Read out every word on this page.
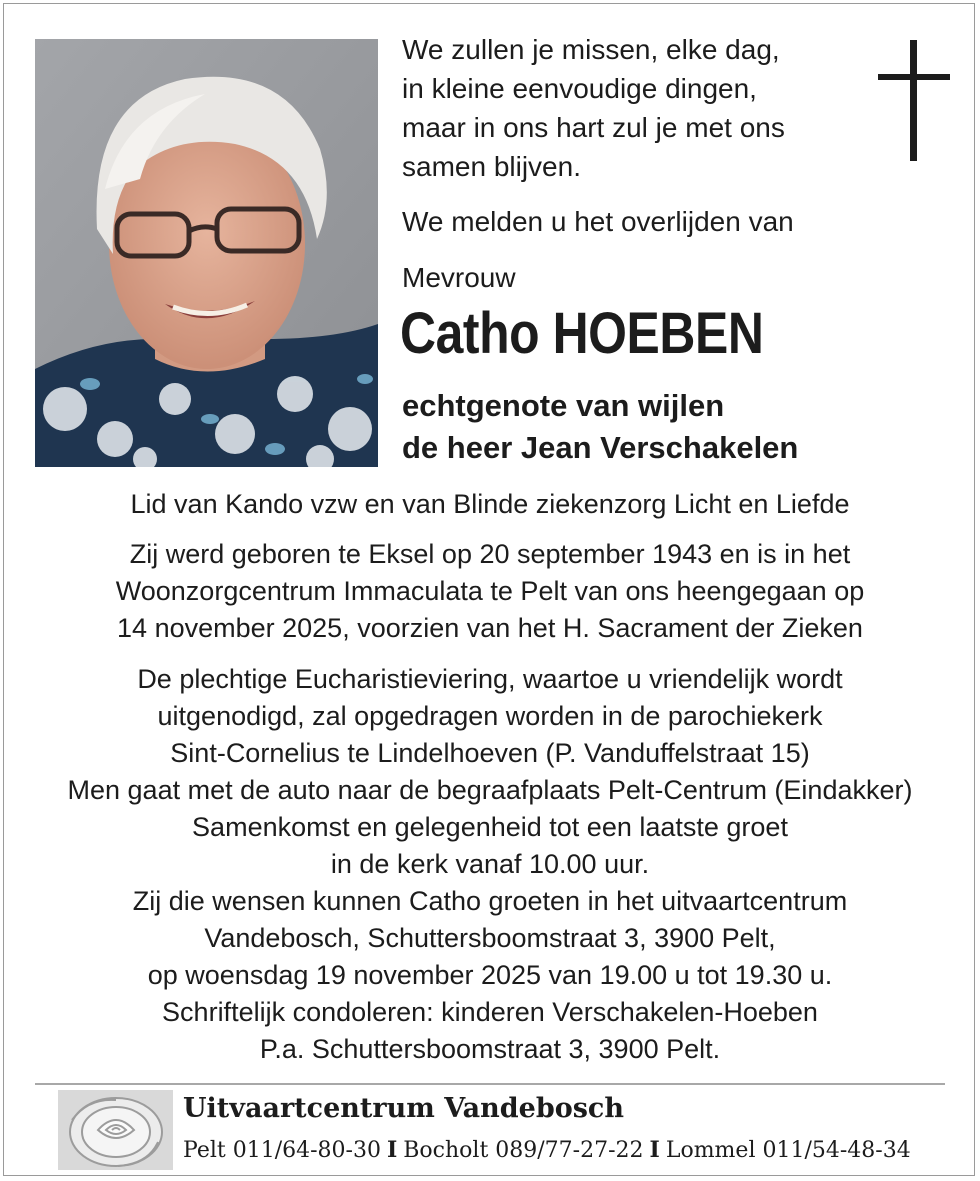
We zullen je missen, elke dag,
in kleine eenvoudige dingen,
maar in ons hart zul je met ons
samen blijven.
We melden u het overlijden van
Mevrouw
Catho HOEBEN
echtgenote van wijlen
de heer Jean Verschakelen
Lid van Kando vzw en van Blinde ziekenzorg Licht en Liefde
Zij werd geboren te Eksel op 20 september 1943 en is in het
Woonzorgcentrum Immaculata te Pelt van ons heengegaan op
14 november 2025, voorzien van het H. Sacrament der Zieken
De plechtige Eucharistieviering, waartoe u vriendelijk wordt
uitgenodigd, zal opgedragen worden in de parochiekerk
Sint-Cornelius te Lindelhoeven (P. Vanduffelstraat 15)
Men gaat met de auto naar de begraafplaats Pelt-Centrum (Eindakker)
Samenkomst en gelegenheid tot een laatste groet
in de kerk vanaf 10.00 uur.
Zij die wensen kunnen Catho groeten in het uitvaartcentrum
Vandebosch, Schuttersboomstraat 3, 3900 Pelt,
op woensdag 19 november 2025 van 19.00 u tot 19.30 u.
Schriftelijk condoleren: kinderen Verschakelen-Hoeben
P.a. Schuttersboomstraat 3, 3900 Pelt.
Uitvaartcentrum Vandebosch
Pelt 011/64-80-30 I Bocholt 089/77-27-22 I Lommel 011/54-48-34
